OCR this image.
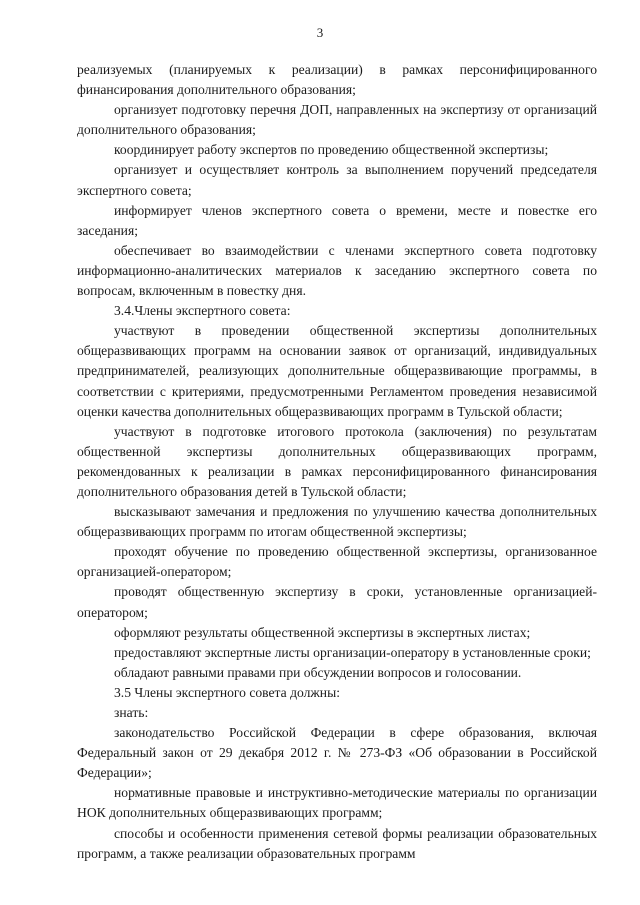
3

реализуемых (планируемых к реализации) в рамках персонифицированного финансирования дополнительного образования;

организует подготовку перечня ДОП, направленных на экспертизу от организаций дополнительного образования;

координирует работу экспертов по проведению общественной экспертизы;

организует и осуществляет контроль за выполнением поручений председателя экспертного совета;

информирует членов экспертного совета о времени, месте и повестке его заседания;

обеспечивает во взаимодействии с членами экспертного совета подготовку информационно-аналитических материалов к заседанию экспертного совета по вопросам, включенным в повестку дня.

3.4.Члены экспертного совета:

участвуют в проведении общественной экспертизы дополнительных общеразвивающих программ на основании заявок от организаций, индивидуальных предпринимателей, реализующих дополнительные общеразвивающие программы, в соответствии с критериями, предусмотренными Регламентом проведения независимой оценки качества дополнительных общеразвивающих программ в Тульской области;

участвуют в подготовке итогового протокола (заключения) по результатам общественной экспертизы дополнительных общеразвивающих программ, рекомендованных к реализации в рамках персонифицированного финансирования дополнительного образования детей в Тульской области;

высказывают замечания и предложения по улучшению качества дополнительных общеразвивающих программ по итогам общественной экспертизы;

проходят обучение по проведению общественной экспертизы, организованное организацией-оператором;

проводят общественную экспертизу в сроки, установленные организацией-оператором;

оформляют результаты общественной экспертизы в экспертных листах;

предоставляют экспертные листы организации-оператору в установленные сроки;

обладают равными правами при обсуждении вопросов и голосовании.

3.5 Члены экспертного совета должны:

знать:

законодательство Российской Федерации в сфере образования, включая Федеральный закон от 29 декабря 2012 г. № 273-ФЗ «Об образовании в Российской Федерации»;

нормативные правовые и инструктивно-методические материалы по организации НОК дополнительных общеразвивающих программ;

способы и особенности применения сетевой формы реализации образовательных программ, а также реализации образовательных программ
